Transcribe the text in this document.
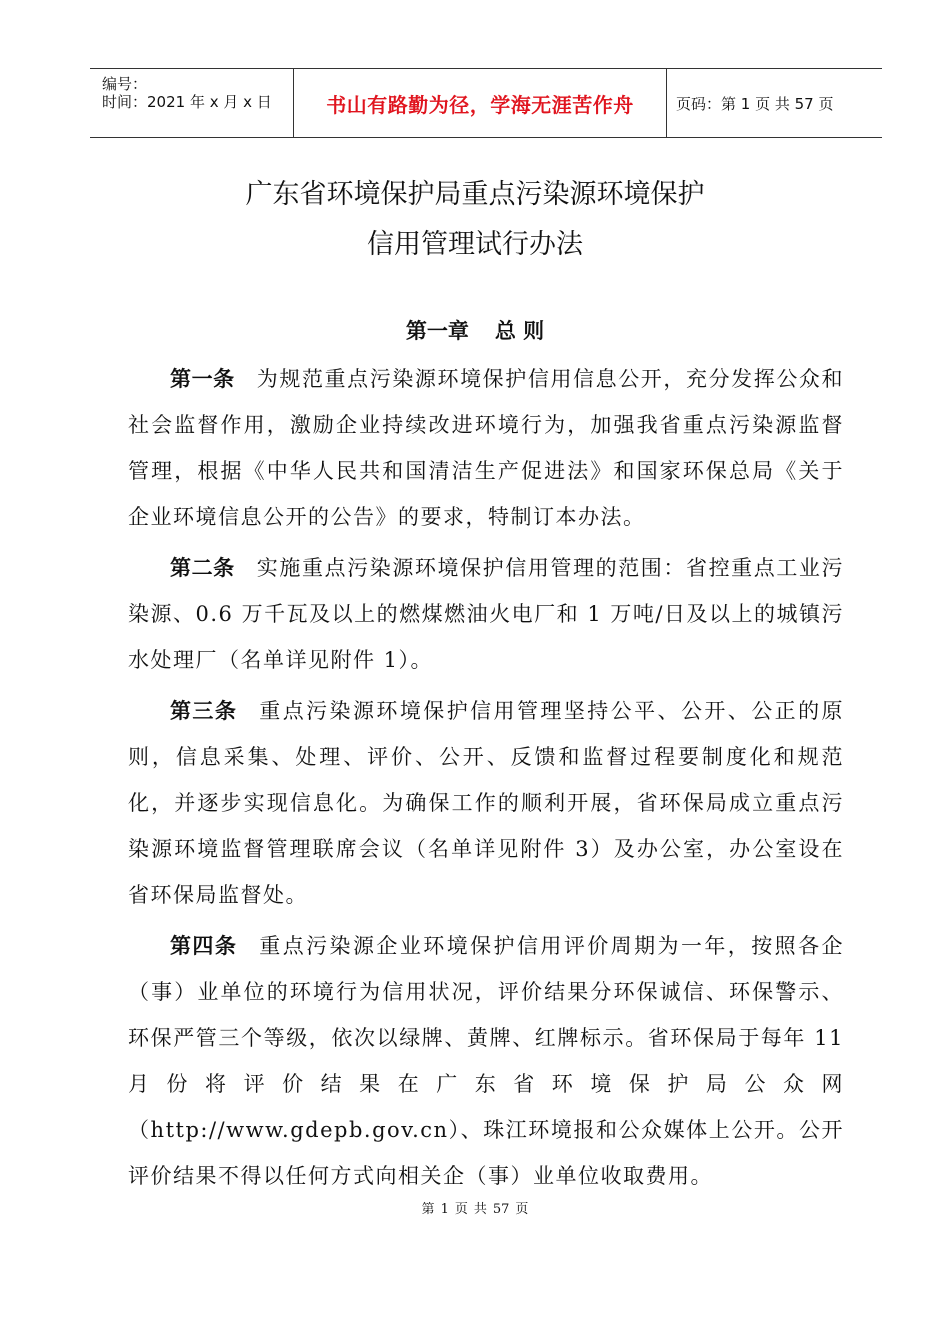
编号：
时间：2021 年 x 月 x 日	书山有路勤为径，学海无涯苦作舟	页码：第 1 页 共 57 页
广东省环境保护局重点污染源环境保护
信用管理试行办法
第一章 总 则

第一条 为规范重点污染源环境保护信用信息公开，充分发挥公众和社会监督作用，激励企业持续改进环境行为，加强我省重点污染源监督管理，根据《中华人民共和国清洁生产促进法》和国家环保总局《关于企业环境信息公开的公告》的要求，特制订本办法。

第二条 实施重点污染源环境保护信用管理的范围：省控重点工业污染源、0.6 万千瓦及以上的燃煤燃油火电厂和 1 万吨/日及以上的城镇污水处理厂（名单详见附件 1）。

第三条 重点污染源环境保护信用管理坚持公平、公开、公正的原则，信息采集、处理、评价、公开、反馈和监督过程要制度化和规范化，并逐步实现信息化。为确保工作的顺利开展，省环保局成立重点污染源环境监督管理联席会议（名单详见附件 3）及办公室，办公室设在省环保局监督处。

第四条 重点污染源企业环境保护信用评价周期为一年，按照各企（事）业单位的环境行为信用状况，评价结果分环保诚信、环保警示、环保严管三个等级，依次以绿牌、黄牌、红牌标示。省环保局于每年 11 月份将评价结果在广东省环境保护局公众网（http://www.gdepb.gov.cn）、珠江环境报和公众媒体上公开。公开评价结果不得以任何方式向相关企（事）业单位收取费用。

第 1 页 共 57 页
